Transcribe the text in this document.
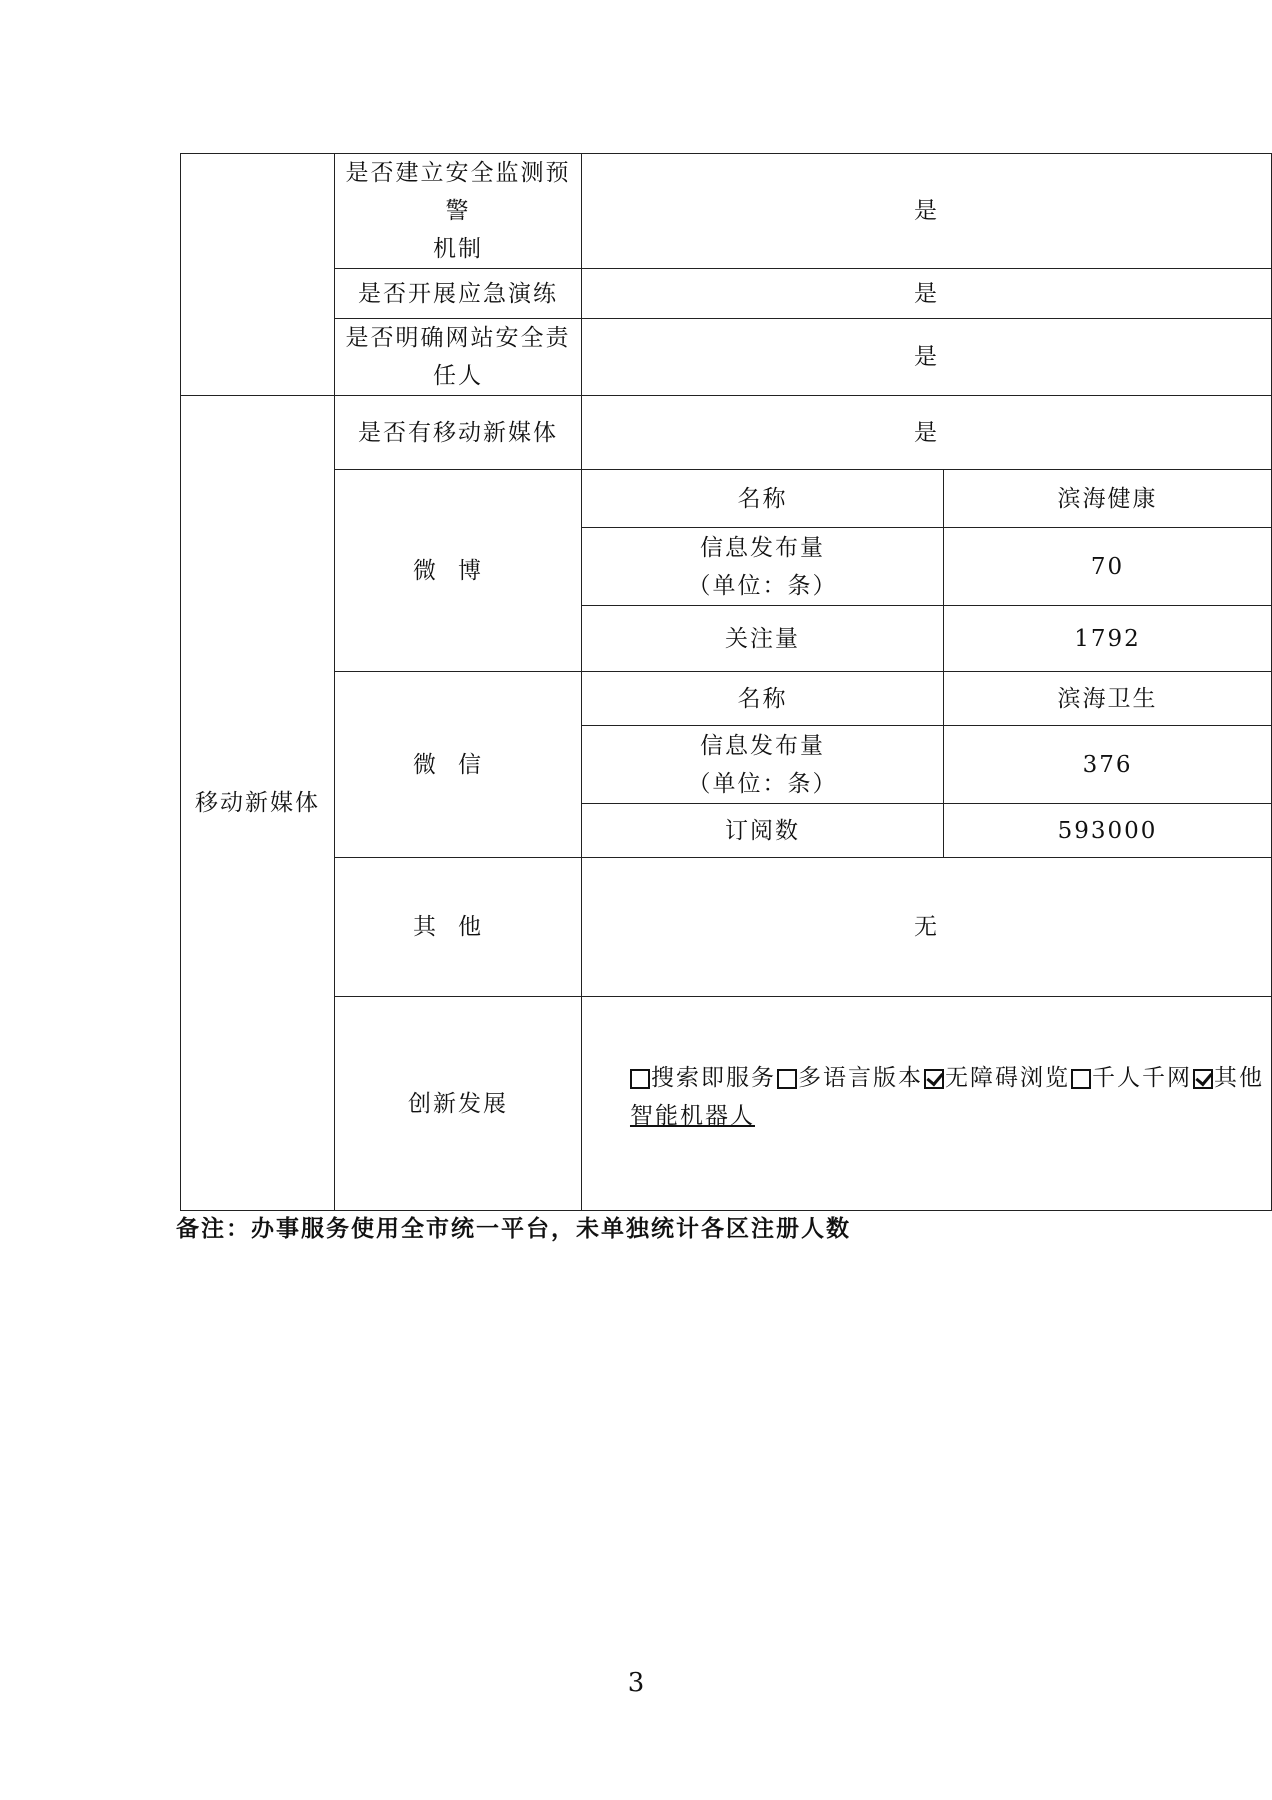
	是否建立安全监测预警
机制	是	
	是否开展应急演练	是	
	是否明确网站安全责任人	是	
移动新媒体	是否有移动新媒体	是	
	微博	名称	滨海健康

		信息发布量
（单位：条）	70
		关注量	1792
	微信	名称	滨海卫生

		信息发布量
（单位：条）	376
		订阅数	593000
	其他	无	
	创新发展	搜索即服务 多语言版本 无障碍浏览 千人千网 其他
智能机器人	
备注：办事服务使用全市统一平台，未单独统计各区注册人数
3
